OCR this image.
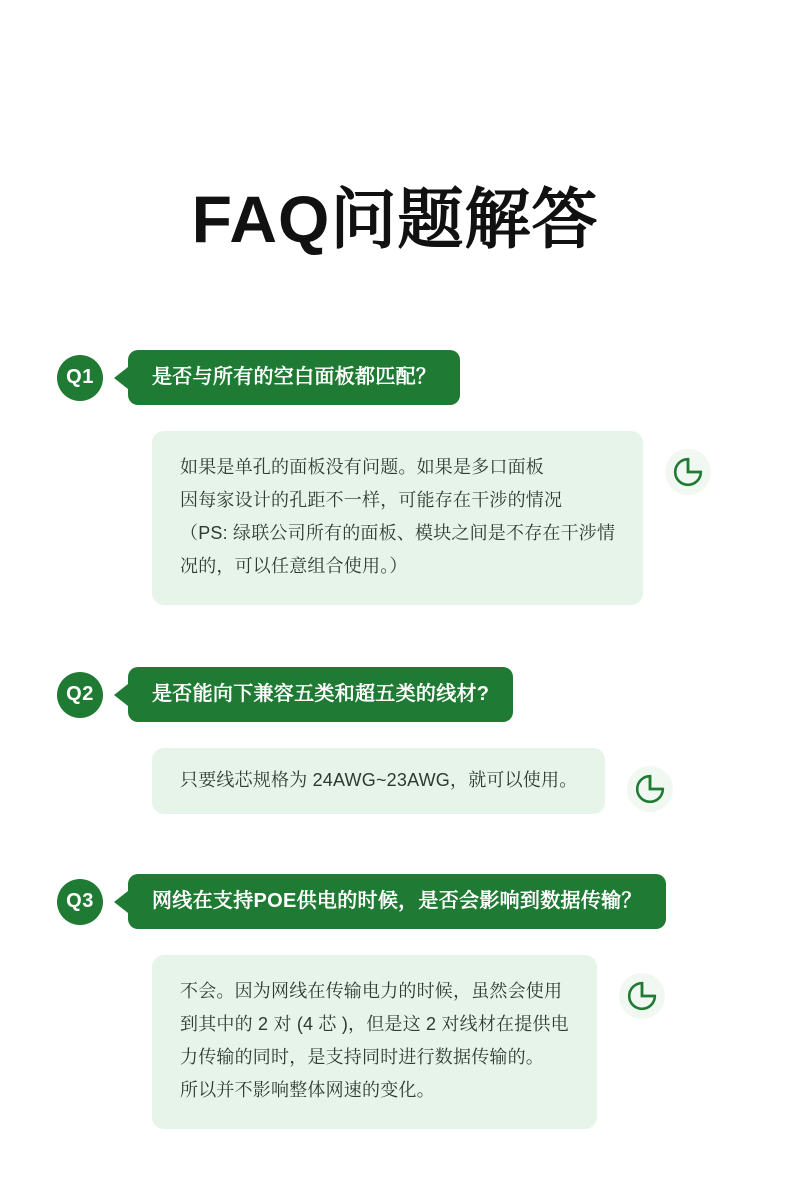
FAQ问题解答
Q1	是否与所有的空白面板都匹配？
如果是单孔的面板没有问题。如果是多口面板
因每家设计的孔距不一样，可能存在干涉的情况
（PS: 绿联公司所有的面板、模块之间是不存在干涉情
况的，可以任意组合使用。）
Q2	是否能向下兼容五类和超五类的线材?
只要线芯规格为 24AWG~23AWG，就可以使用。
Q3	网线在支持POE供电的时候，是否会影响到数据传输？
不会。因为网线在传输电力的时候，虽然会使用
到其中的 2 对 (4 芯 )，但是这 2 对线材在提供电
力传输的同时，是支持同时进行数据传输的。
所以并不影响整体网速的变化。
